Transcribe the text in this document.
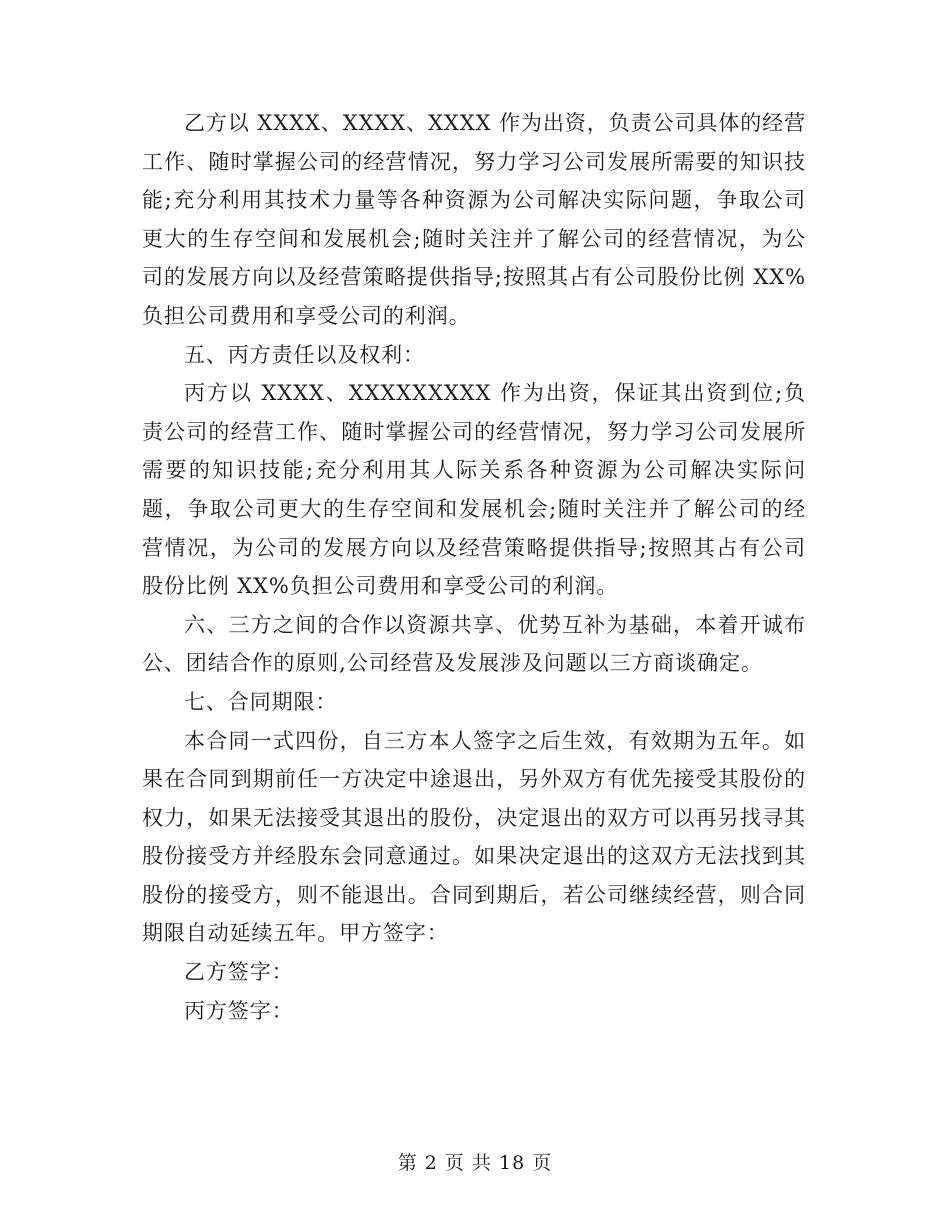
乙方以 XXXX、XXXX、XXXX 作为出资，负责公司具体的经营工作、随时掌握公司的经营情况，努力学习公司发展所需要的知识技能;充分利用其技术力量等各种资源为公司解决实际问题，争取公司更大的生存空间和发展机会;随时关注并了解公司的经营情况，为公司的发展方向以及经营策略提供指导;按照其占有公司股份比例 XX%负担公司费用和享受公司的利润。

五、丙方责任以及权利：

丙方以 XXXX、XXXXXXXXX 作为出资，保证其出资到位;负责公司的经营工作、随时掌握公司的经营情况，努力学习公司发展所需要的知识技能;充分利用其人际关系各种资源为公司解决实际问题，争取公司更大的生存空间和发展机会;随时关注并了解公司的经营情况，为公司的发展方向以及经营策略提供指导;按照其占有公司股份比例 XX%负担公司费用和享受公司的利润。

六、三方之间的合作以资源共享、优势互补为基础，本着开诚布公、团结合作的原则,公司经营及发展涉及问题以三方商谈确定。

七、合同期限：

本合同一式四份，自三方本人签字之后生效，有效期为五年。如果在合同到期前任一方决定中途退出，另外双方有优先接受其股份的权力，如果无法接受其退出的股份，决定退出的双方可以再另找寻其股份接受方并经股东会同意通过。如果决定退出的这双方无法找到其股份的接受方，则不能退出。合同到期后，若公司继续经营，则合同期限自动延续五年。甲方签字：

乙方签字：

丙方签字：

第 2 页 共 18 页
